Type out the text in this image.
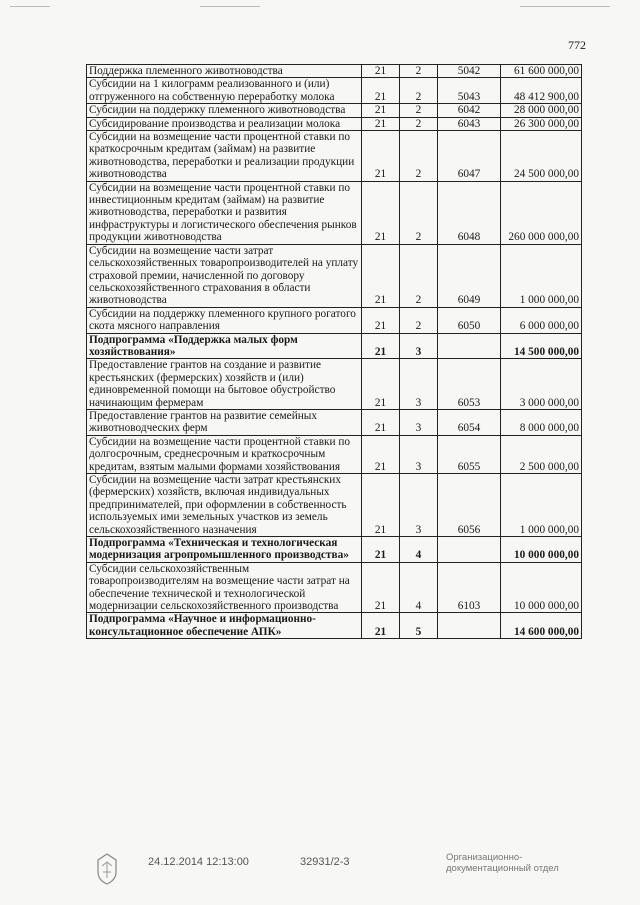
772
Поддержка племенного животноводства	21	2	5042	61 600 000,00
Субсидии на 1 килограмм реализованного и (или) отгруженного на собственную переработку молока	21	2	5043	48 412 900,00
Субсидии на поддержку племенного животноводства	21	2	6042	28 000 000,00
Субсидирование производства и реализации молока	21	2	6043	26 300 000,00
Субсидии на возмещение части процентной ставки по краткосрочным кредитам (займам) на развитие животноводства, переработки и реализации продукции животноводства	21	2	6047	24 500 000,00
Субсидии на возмещение части процентной ставки по инвестиционным кредитам (займам) на развитие животноводства, переработки и развития инфраструктуры и логистического обеспечения рынков продукции животноводства	21	2	6048	260 000 000,00
Субсидии на возмещение части затрат сельскохозяйственных товаропроизводителей на уплату страховой премии, начисленной по договору сельскохозяйственного страхования в области животноводства	21	2	6049	1 000 000,00
Субсидии на поддержку племенного крупного рогатого скота мясного направления	21	2	6050	6 000 000,00
Подпрограмма «Поддержка малых форм хозяйствования»	21	3		14 500 000,00
Предоставление грантов на создание и развитие крестьянских (фермерских) хозяйств и (или) единовременной помощи на бытовое обустройство начинающим фермерам	21	3	6053	3 000 000,00
Предоставление грантов на развитие семейных животноводческих ферм	21	3	6054	8 000 000,00
Субсидии на возмещение части процентной ставки по долгосрочным, среднесрочным и краткосрочным кредитам, взятым малыми формами хозяйствования	21	3	6055	2 500 000,00
Субсидии на возмещение части затрат крестьянских (фермерских) хозяйств, включая индивидуальных предпринимателей, при оформлении в собственность используемых ими земельных участков из земель сельскохозяйственного назначения	21	3	6056	1 000 000,00
Подпрограмма «Техническая и технологическая модернизация агропромышленного производства»	21	4		10 000 000,00
Субсидии сельскохозяйственным товаропроизводителям на возмещение части затрат на обеспечение технической и технологической модернизации сельскохозяйственного производства	21	4	6103	10 000 000,00
Подпрограмма «Научное и информационно-консультационное обеспечение АПК»	21	5		14 600 000,00
24.12.2014 12:13:00	32931/2-3	Организационно-
документационный отдел
